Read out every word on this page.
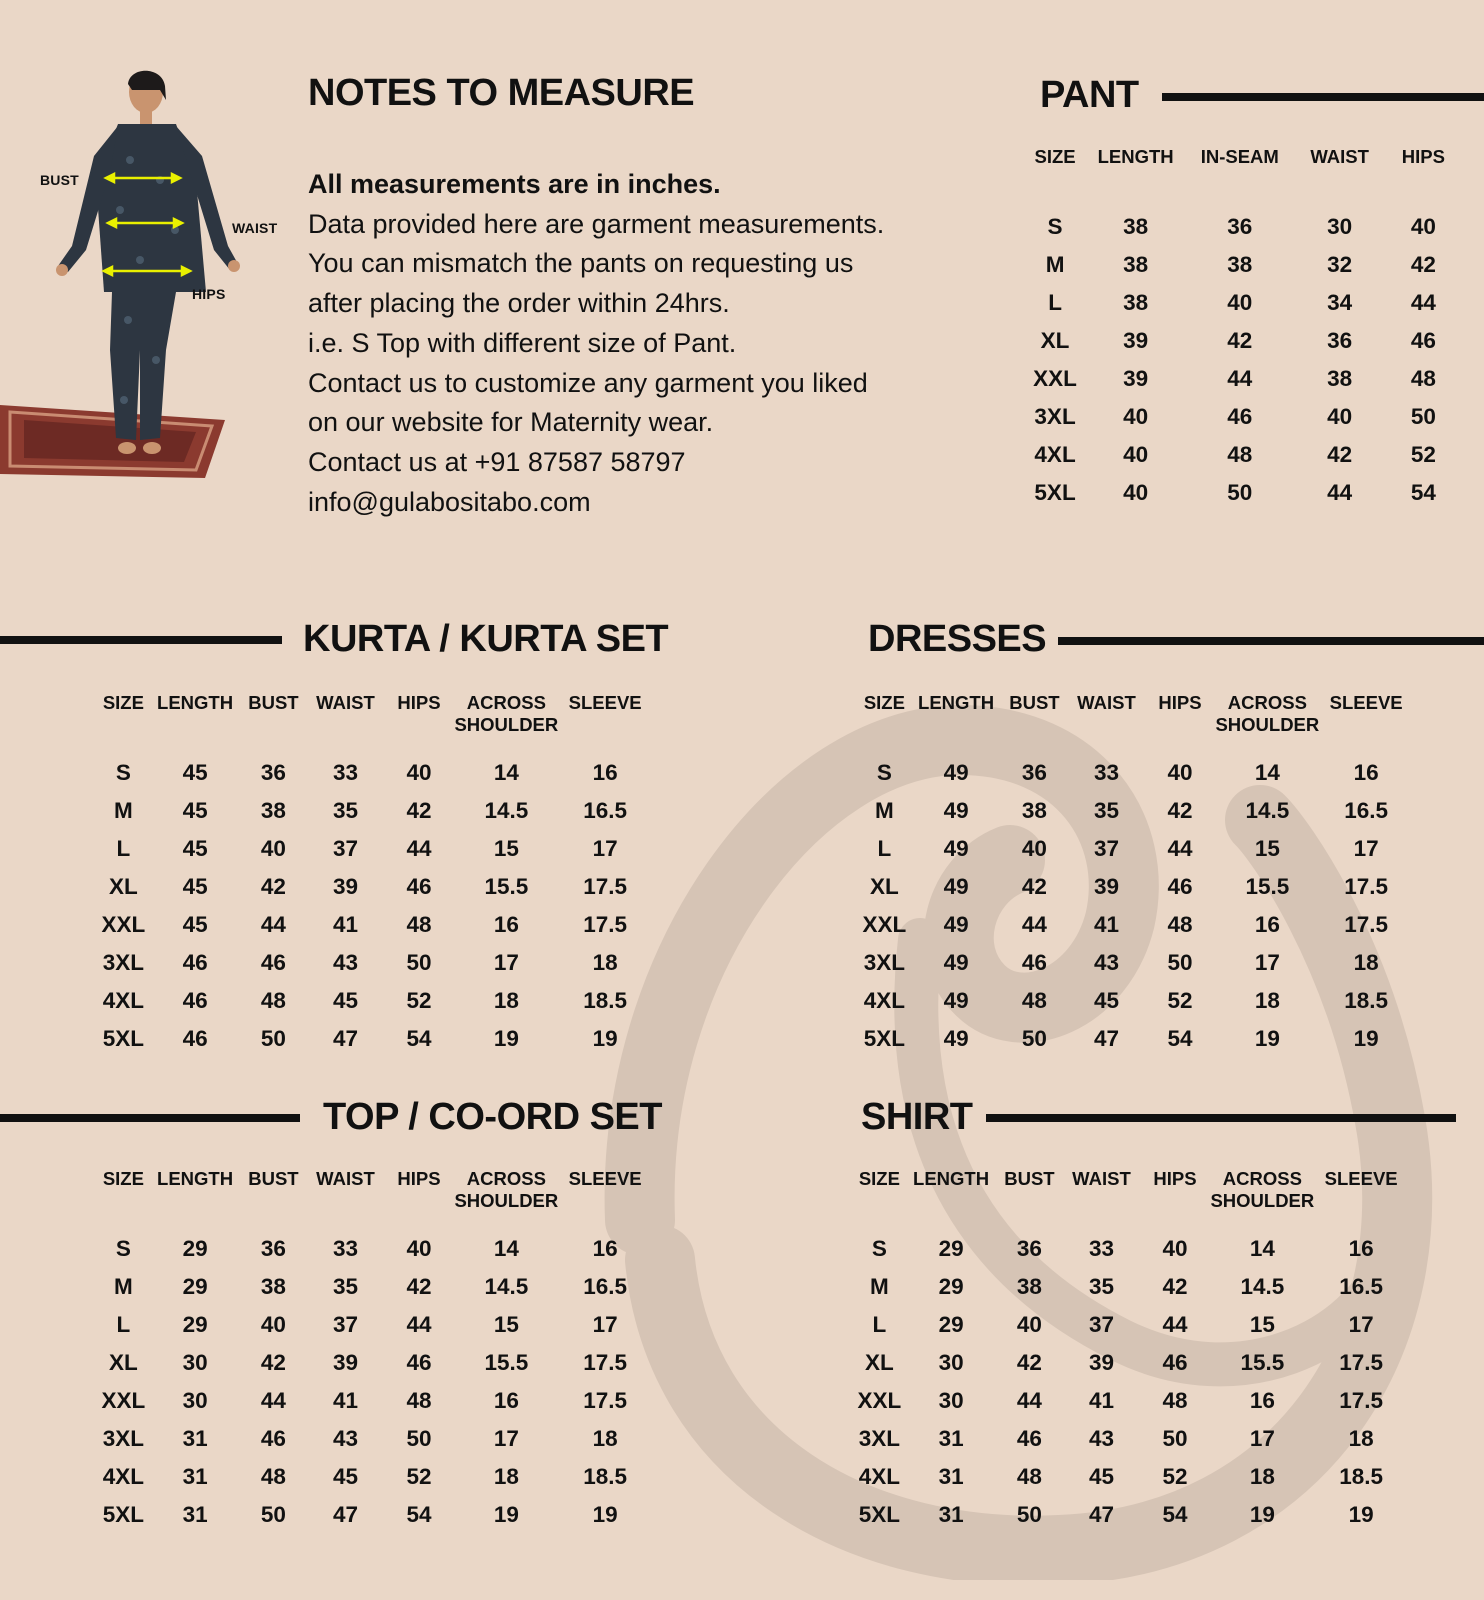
BUST
WAIST
HIPS
NOTES TO MEASURE
All measurements are in inches.
Data provided here are garment measurements.
You can mismatch the pants on requesting us
after placing the order within 24hrs.
i.e. S Top with different size of Pant.
Contact us to customize any garment you liked
on our website for Maternity wear.
Contact us at +91 87587 58797
info@gulabositabo.com
PANT
SIZE	LENGTH	IN-SEAM	WAIST	HIPS
S	38	36	30	40
M	38	38	32	42
L	38	40	34	44
XL	39	42	36	46
XXL	39	44	38	48
3XL	40	46	40	50
4XL	40	48	42	52
5XL	40	50	44	54
KURTA / KURTA SET
SIZE	LENGTH	BUST	WAIST	HIPS	ACROSS SHOULDER	SLEEVE
S	45	36	33	40	14	16
M	45	38	35	42	14.5	16.5
L	45	40	37	44	15	17
XL	45	42	39	46	15.5	17.5
XXL	45	44	41	48	16	17.5
3XL	46	46	43	50	17	18
4XL	46	48	45	52	18	18.5
5XL	46	50	47	54	19	19
DRESSES
SIZE	LENGTH	BUST	WAIST	HIPS	ACROSS SHOULDER	SLEEVE
S	49	36	33	40	14	16
M	49	38	35	42	14.5	16.5
L	49	40	37	44	15	17
XL	49	42	39	46	15.5	17.5
XXL	49	44	41	48	16	17.5
3XL	49	46	43	50	17	18
4XL	49	48	45	52	18	18.5
5XL	49	50	47	54	19	19
TOP / CO-ORD SET
SIZE	LENGTH	BUST	WAIST	HIPS	ACROSS SHOULDER	SLEEVE
S	29	36	33	40	14	16
M	29	38	35	42	14.5	16.5
L	29	40	37	44	15	17
XL	30	42	39	46	15.5	17.5
XXL	30	44	41	48	16	17.5
3XL	31	46	43	50	17	18
4XL	31	48	45	52	18	18.5
5XL	31	50	47	54	19	19
SHIRT
SIZE	LENGTH	BUST	WAIST	HIPS	ACROSS SHOULDER	SLEEVE
S	29	36	33	40	14	16
M	29	38	35	42	14.5	16.5
L	29	40	37	44	15	17
XL	30	42	39	46	15.5	17.5
XXL	30	44	41	48	16	17.5
3XL	31	46	43	50	17	18
4XL	31	48	45	52	18	18.5
5XL	31	50	47	54	19	19
